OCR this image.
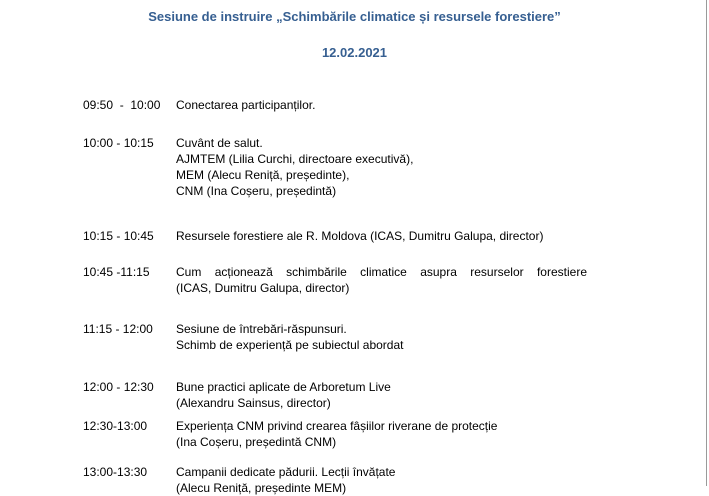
Sesiune de instruire „Schimbările climatice și resursele forestiere”
12.02.2021
09:50  -  10:00 Conectarea participanților.
10:00 - 10:15 Cuvânt de salut.
AJMTEM (Lilia Curchi, directoare executivă),
MEM (Alecu Reniță, președinte),
CNM (Ina Coșeru, președintă)
10:15 - 10:45 Resursele forestiere ale R. Moldova (ICAS, Dumitru Galupa, director)
10:45 -11:15 Cum acționează schimbările climatice asupra resurselor forestiere
(ICAS, Dumitru Galupa, director)
11:15 - 12:00 Sesiune de întrebări-răspunsuri.
Schimb de experiență pe subiectul abordat
12:00 - 12:30 Bune practici aplicate de Arboretum Live
(Alexandru Sainsus, director)
12:30-13:00 Experiența CNM privind crearea fâșiilor riverane de protecție
(Ina Coșeru, președintă CNM)
13:00-13:30 Campanii dedicate pădurii. Lecții învățate
(Alecu Reniță, președinte MEM)
